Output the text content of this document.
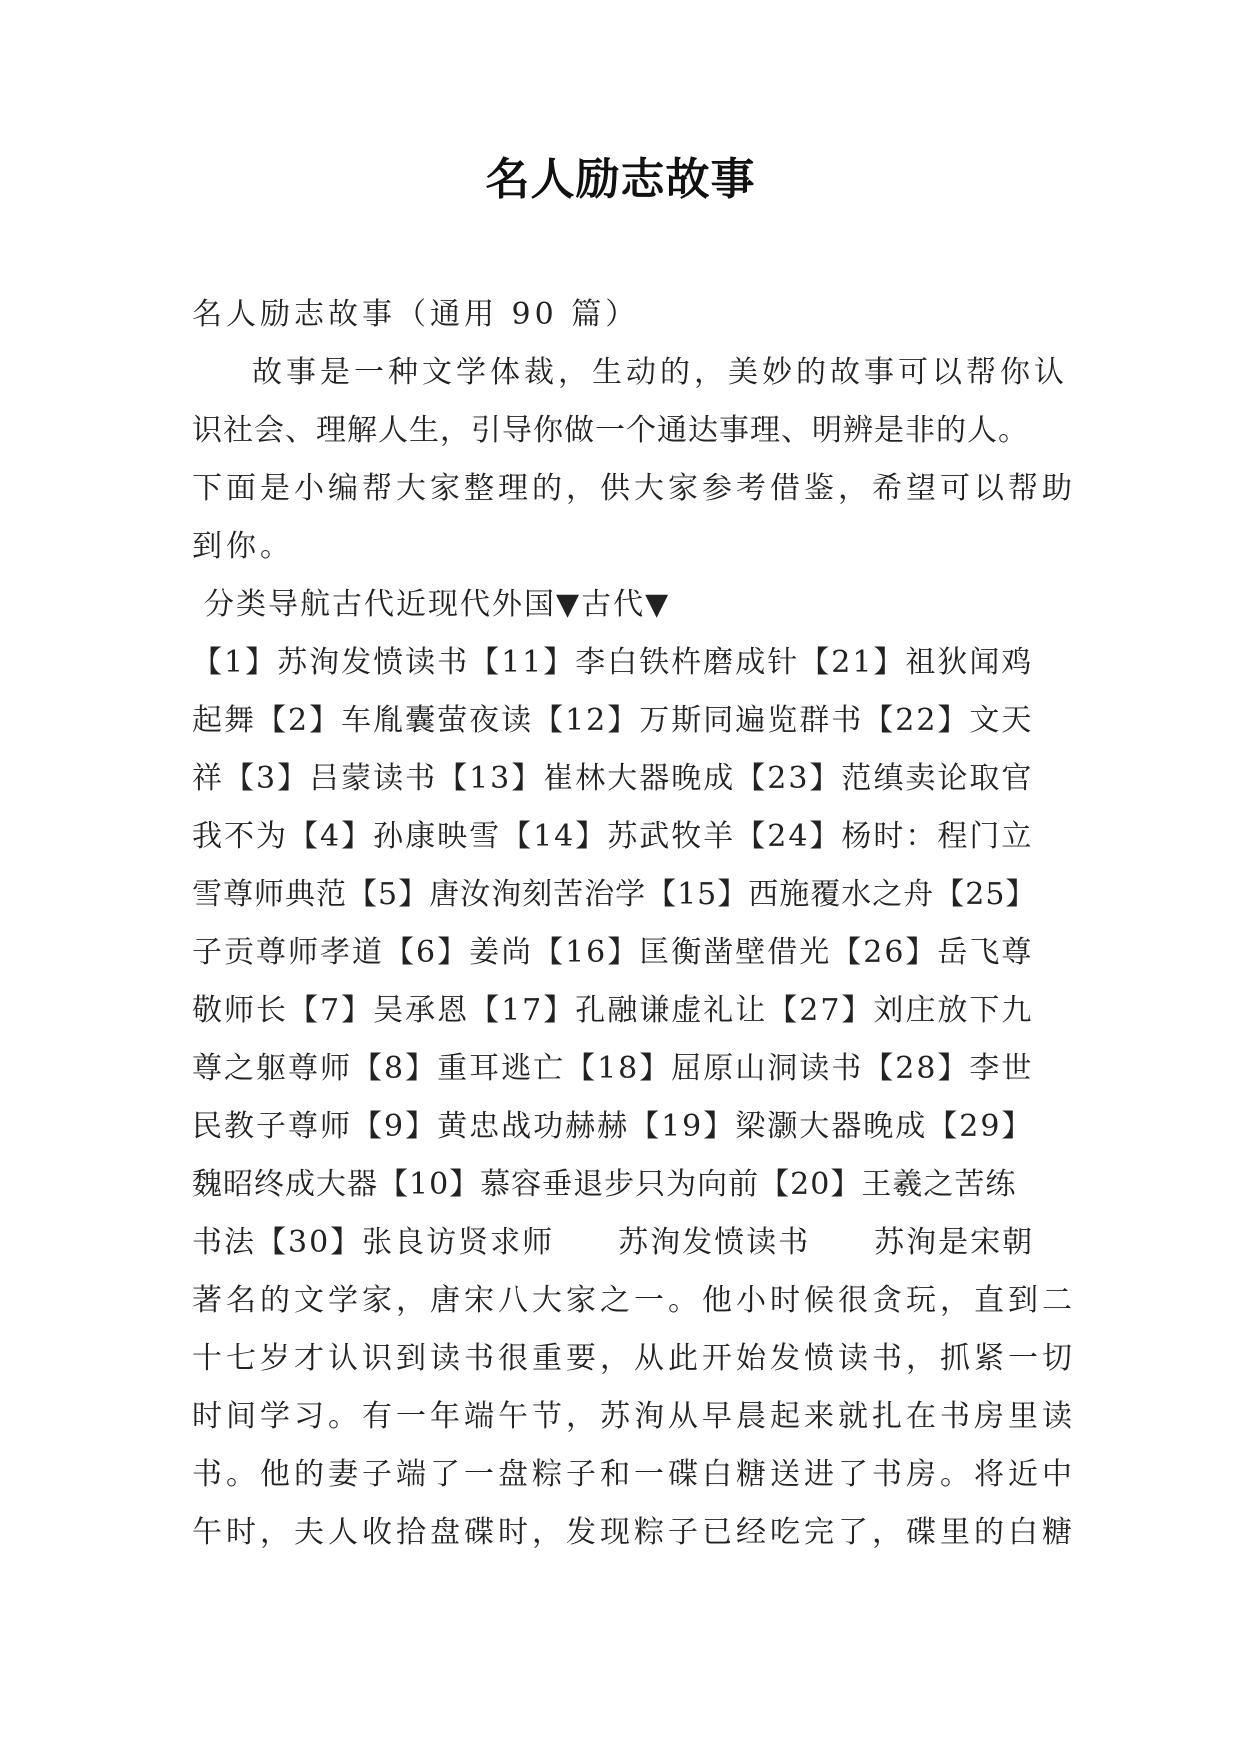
名人励志故事
名人励志故事（通用 90 篇）
故事是一种文学体裁，生动的，美妙的故事可以帮你认
识社会、理解人生，引导你做一个通达事理、明辨是非的人。
下面是小编帮大家整理的，供大家参考借鉴，希望可以帮助
到你。
分类导航古代近现代外国▼古代▼
【1】苏洵发愤读书【11】李白铁杵磨成针【21】祖狄闻鸡
起舞【2】车胤囊萤夜读【12】万斯同遍览群书【22】文天
祥【3】吕蒙读书【13】崔林大器晚成【23】范缜卖论取官
我不为【4】孙康映雪【14】苏武牧羊【24】杨时：程门立
雪尊师典范【5】唐汝洵刻苦治学【15】西施覆水之舟【25】
子贡尊师孝道【6】姜尚【16】匡衡凿壁借光【26】岳飞尊
敬师长【7】吴承恩【17】孔融谦虚礼让【27】刘庄放下九
尊之躯尊师【8】重耳逃亡【18】屈原山洞读书【28】李世
民教子尊师【9】黄忠战功赫赫【19】梁灏大器晚成【29】
魏昭终成大器【10】慕容垂退步只为向前【20】王羲之苦练
书法【30】张良访贤求师　　苏洵发愤读书　　苏洵是宋朝
著名的文学家，唐宋八大家之一。他小时候很贪玩，直到二
十七岁才认识到读书很重要，从此开始发愤读书，抓紧一切
时间学习。有一年端午节，苏洵从早晨起来就扎在书房里读
书。他的妻子端了一盘粽子和一碟白糖送进了书房。将近中
午时，夫人收拾盘碟时，发现粽子已经吃完了，碟里的白糖
